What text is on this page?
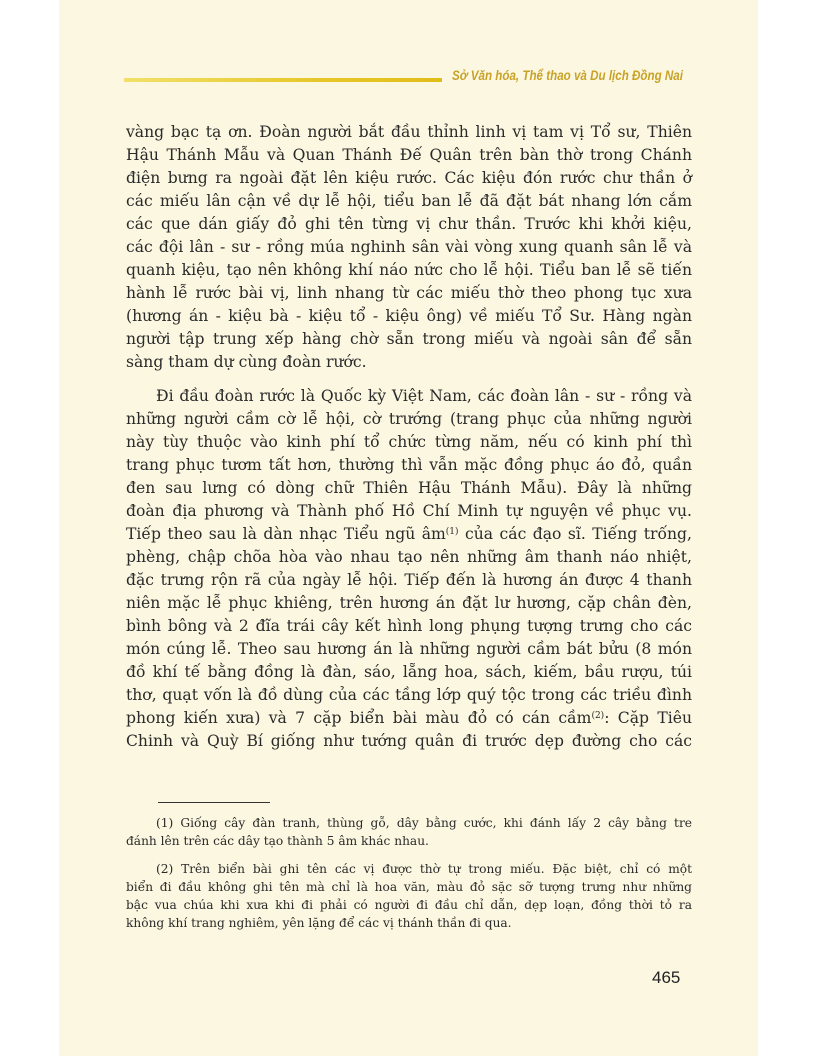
Sở Văn hóa, Thể thao và Du lịch Đồng Nai

vàng bạc tạ ơn. Đoàn người bắt đầu thỉnh linh vị tam vị Tổ sư, Thiên
Hậu Thánh Mẫu và Quan Thánh Đế Quân trên bàn thờ trong Chánh
điện bưng ra ngoài đặt lên kiệu rước. Các kiệu đón rước chư thần ở
các miếu lân cận về dự lễ hội, tiểu ban lễ đã đặt bát nhang lớn cắm
các que dán giấy đỏ ghi tên từng vị chư thần. Trước khi khởi kiệu,
các đội lân - sư - rồng múa nghinh sân vài vòng xung quanh sân lễ và
quanh kiệu, tạo nên không khí náo nức cho lễ hội. Tiểu ban lễ sẽ tiến
hành lễ rước bài vị, linh nhang từ các miếu thờ theo phong tục xưa
(hương án - kiệu bà - kiệu tổ - kiệu ông) về miếu Tổ Sư. Hàng ngàn
người tập trung xếp hàng chờ sẵn trong miếu và ngoài sân để sẵn
sàng tham dự cùng đoàn rước.

Đi đầu đoàn rước là Quốc kỳ Việt Nam, các đoàn lân - sư - rồng và
những người cầm cờ lễ hội, cờ trướng (trang phục của những người
này tùy thuộc vào kinh phí tổ chức từng năm, nếu có kinh phí thì
trang phục tươm tất hơn, thường thì vẫn mặc đồng phục áo đỏ, quần
đen sau lưng có dòng chữ Thiên Hậu Thánh Mẫu). Đây là những
đoàn địa phương và Thành phố Hồ Chí Minh tự nguyện về phục vụ.
Tiếp theo sau là dàn nhạc Tiểu ngũ $âm^{(1)}$ của các đạo sĩ. Tiếng trống,
phèng, chập chõa hòa vào nhau tạo nên những âm thanh náo nhiệt,
đặc trưng rộn rã của ngày lễ hội. Tiếp đến là hương án được 4 thanh
niên mặc lễ phục khiêng, trên hương án đặt lư hương, cặp chân đèn,
bình bông và 2 đĩa trái cây kết hình long phụng tượng trưng cho các
món cúng lễ. Theo sau hương án là những người cầm bát bửu (8 món
đồ khí tế bằng đồng là đàn, sáo, lẵng hoa, sách, kiếm, bầu rượu, túi
thơ, quạt vốn là đồ dùng của các tầng lớp quý tộc trong các triều đình
phong kiến xưa) và 7 cặp biển bài màu đỏ có cán cầm$^{(2)}$: Cặp Tiêu
Chinh và Quỳ Bí giống như tướng quân đi trước dẹp đường cho các

(1) Giống cây đàn tranh, thùng gỗ, dây bằng cước, khi đánh lấy 2 cây bằng tre
đánh lên trên các dây tạo thành 5 âm khác nhau.

(2) Trên biển bài ghi tên các vị được thờ tự trong miếu. Đặc biệt, chỉ có một
biển đi đầu không ghi tên mà chỉ là hoa văn, màu đỏ sặc sỡ tượng trưng như những
bậc vua chúa khi xưa khi đi phải có người đi đầu chỉ dẫn, dẹp loạn, đồng thời tỏ ra
không khí trang nghiêm, yên lặng để các vị thánh thần đi qua.

465
